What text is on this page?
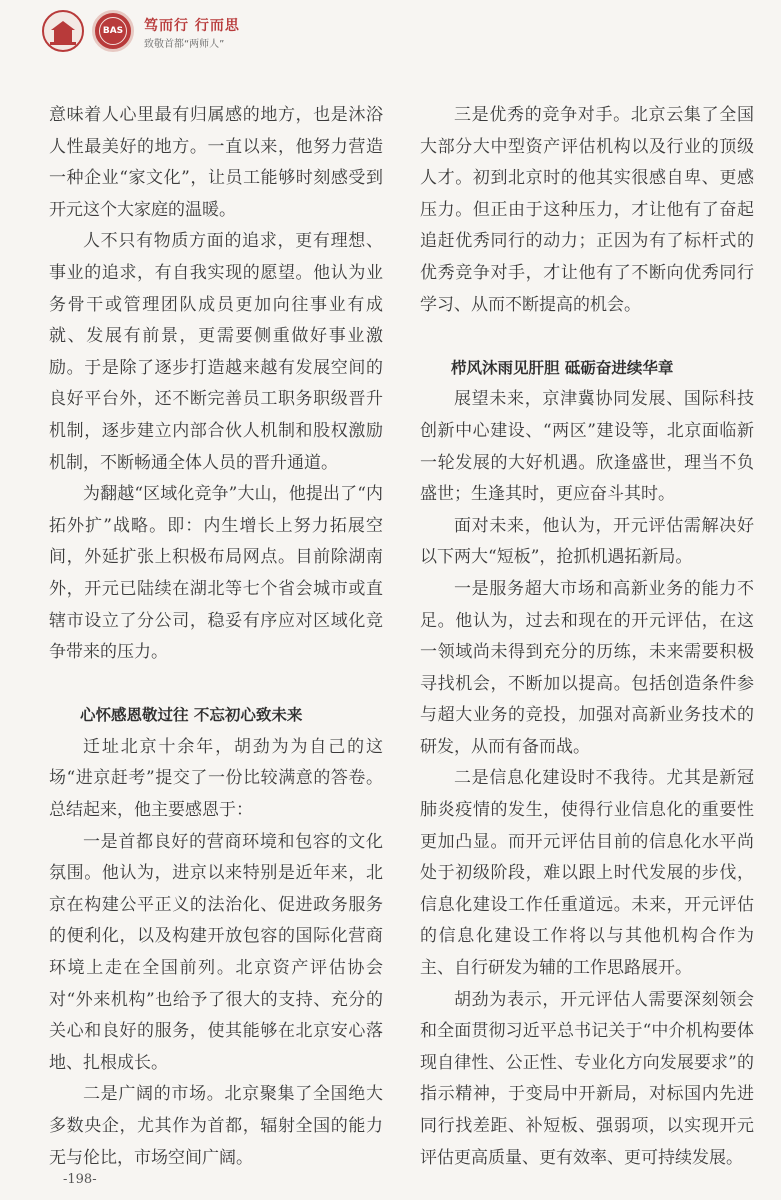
BAS	笃而行 行而思
致敬首都“两师人”

意味着人心里最有归属感的地方，也是沐浴人性最美好的地方。一直以来，他努力营造一种企业“家文化”，让员工能够时刻感受到开元这个大家庭的温暖。

人不只有物质方面的追求，更有理想、事业的追求，有自我实现的愿望。他认为业务骨干或管理团队成员更加向往事业有成就、发展有前景，更需要侧重做好事业激励。于是除了逐步打造越来越有发展空间的良好平台外，还不断完善员工职务职级晋升机制，逐步建立内部合伙人机制和股权激励机制，不断畅通全体人员的晋升通道。

为翻越“区域化竞争”大山，他提出了“内拓外扩”战略。即：内生增长上努力拓展空间，外延扩张上积极布局网点。目前除湖南外，开元已陆续在湖北等七个省会城市或直辖市设立了分公司，稳妥有序应对区域化竞争带来的压力。

心怀感恩敬过往 不忘初心致未来

迁址北京十余年，胡劲为为自己的这场“进京赶考”提交了一份比较满意的答卷。总结起来，他主要感恩于：

一是首都良好的营商环境和包容的文化氛围。他认为，进京以来特别是近年来，北京在构建公平正义的法治化、促进政务服务的便利化，以及构建开放包容的国际化营商环境上走在全国前列。北京资产评估协会对“外来机构”也给予了很大的支持、充分的关心和良好的服务，使其能够在北京安心落地、扎根成长。

二是广阔的市场。北京聚集了全国绝大多数央企，尤其作为首都，辐射全国的能力无与伦比，市场空间广阔。

三是优秀的竞争对手。北京云集了全国大部分大中型资产评估机构以及行业的顶级人才。初到北京时的他其实很感自卑、更感压力。但正由于这种压力，才让他有了奋起追赶优秀同行的动力；正因为有了标杆式的优秀竞争对手，才让他有了不断向优秀同行学习、从而不断提高的机会。

栉风沐雨见肝胆 砥砺奋进续华章

展望未来，京津冀协同发展、国际科技创新中心建设、“两区”建设等，北京面临新一轮发展的大好机遇。欣逢盛世，理当不负盛世；生逢其时，更应奋斗其时。

面对未来，他认为，开元评估需解决好以下两大“短板”，抢抓机遇拓新局。

一是服务超大市场和高新业务的能力不足。他认为，过去和现在的开元评估，在这一领域尚未得到充分的历练，未来需要积极寻找机会，不断加以提高。包括创造条件参与超大业务的竞投，加强对高新业务技术的研发，从而有备而战。

二是信息化建设时不我待。尤其是新冠肺炎疫情的发生，使得行业信息化的重要性更加凸显。而开元评估目前的信息化水平尚处于初级阶段，难以跟上时代发展的步伐，信息化建设工作任重道远。未来，开元评估的信息化建设工作将以与其他机构合作为主、自行研发为辅的工作思路展开。

胡劲为表示，开元评估人需要深刻领会和全面贯彻习近平总书记关于“中介机构要体现自律性、公正性、专业化方向发展要求”的指示精神，于变局中开新局，对标国内先进同行找差距、补短板、强弱项，以实现开元评估更高质量、更有效率、更可持续发展。

-198-
